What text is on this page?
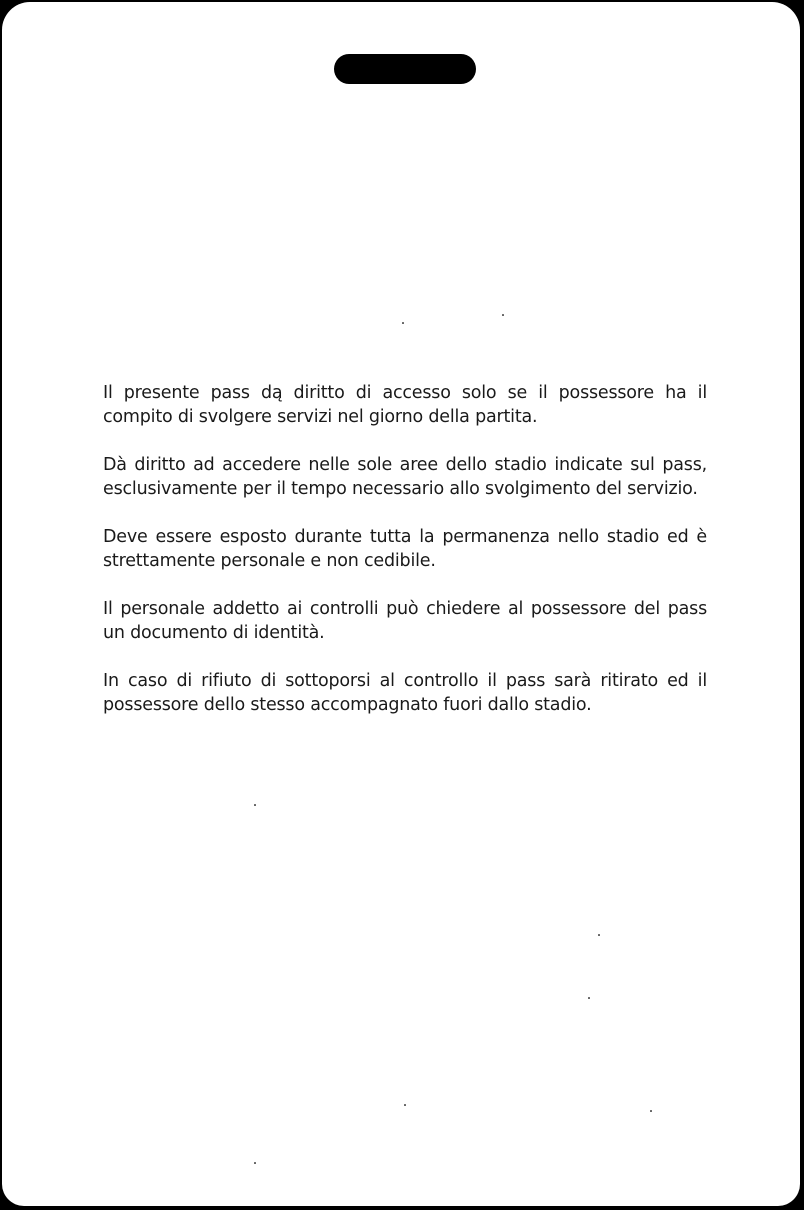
Il presente pass dą diritto di accesso solo se il possessore ha il compito di svolgere servizi nel giorno della partita.

Dà diritto ad accedere nelle sole aree dello stadio indicate sul pass, esclusivamente per il tempo necessario allo svolgimento del servizio.

Deve essere esposto durante tutta la permanenza nello stadio ed è strettamente personale e non cedibile.

Il personale addetto ai controlli può chiedere al possessore del pass un documento di identità.

In caso di rifiuto di sottoporsi al controllo il pass sarà ritirato ed il possessore dello stesso accompagnato fuori dallo stadio.
